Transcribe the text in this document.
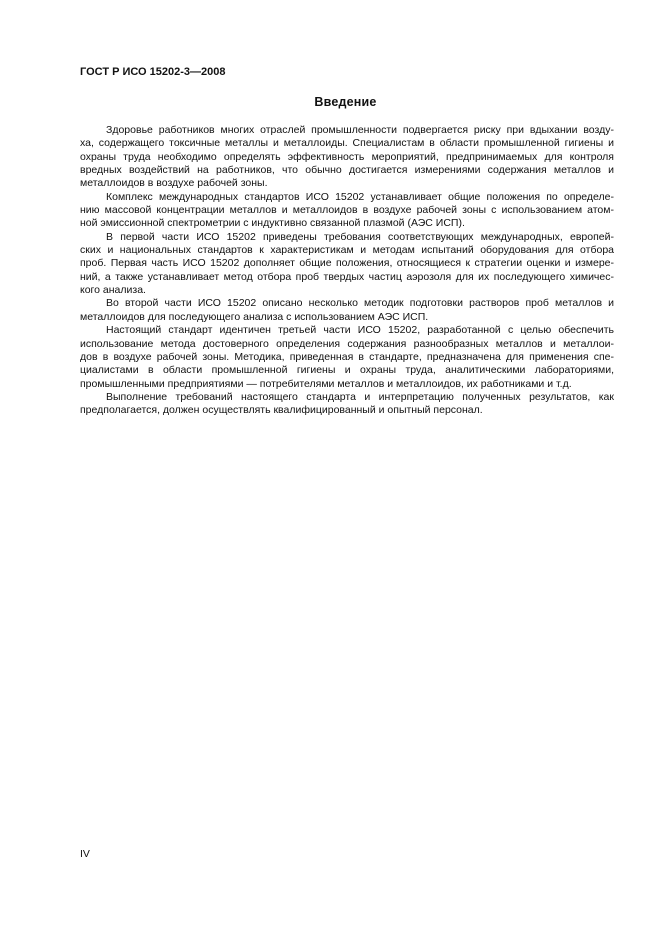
ГОСТ Р ИСО 15202-3—2008
Введение
Здоровье работников многих отраслей промышленности подвергается риску при вдыхании возду-
ха, содержащего токсичные металлы и металлоиды. Специалистам в области промышленной гигиены и
охраны труда необходимо определять эффективность мероприятий, предпринимаемых для контроля
вредных воздействий на работников, что обычно достигается измерениями содержания металлов и
металлоидов в воздухе рабочей зоны.
Комплекс международных стандартов ИСО 15202 устанавливает общие положения по определе-
нию массовой концентрации металлов и металлоидов в воздухе рабочей зоны с использованием атом-
ной эмиссионной спектрометрии с индуктивно связанной плазмой (АЭС ИСП).
В первой части ИСО 15202 приведены требования соответствующих международных, европей-
ских и национальных стандартов к характеристикам и методам испытаний оборудования для отбора
проб. Первая часть ИСО 15202 дополняет общие положения, относящиеся к стратегии оценки и измере-
ний, а также устанавливает метод отбора проб твердых частиц аэрозоля для их последующего химичес-
кого анализа.
Во второй части ИСО 15202 описано несколько методик подготовки растворов проб металлов и
металлоидов для последующего анализа с использованием АЭС ИСП.
Настоящий стандарт идентичен третьей части ИСО 15202, разработанной с целью обеспечить
использование метода достоверного определения содержания разнообразных металлов и металлои-
дов в воздухе рабочей зоны. Методика, приведенная в стандарте, предназначена для применения спе-
циалистами в области промышленной гигиены и охраны труда, аналитическими лабораториями,
промышленными предприятиями — потребителями металлов и металлоидов, их работниками и т.д.
Выполнение требований настоящего стандарта и интерпретацию полученных результатов, как
предполагается, должен осуществлять квалифицированный и опытный персонал.
IV
